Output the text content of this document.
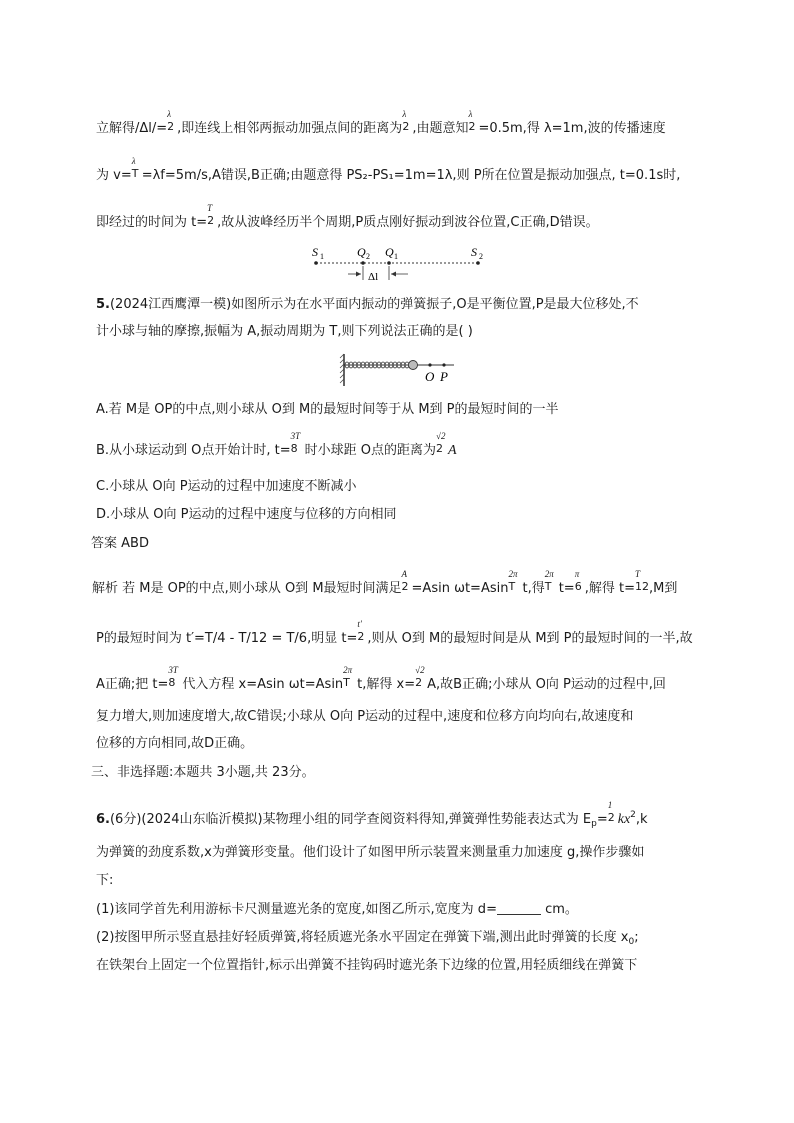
立解得/Δl/=
λ
2 ,即连线上相邻两振动加强点间的距离为
λ
2 ,由题意知
λ
2 =0.5m,得 λ=1m,波的传播速度
为 v=
λ
T =λf=5m/s,A错误,B正确;由题意得 PS₂-PS₁=1m=1λ,则 P所在位置是振动加强点, t=0.1s时,
即经过的时间为 t=
T
2 ,故从波峰经历半个周期,P质点刚好振动到波谷位置,C正确,D错误。
S 1	Q 2 Q 1	S 2
Δl
5.(2024江西鹰潭一模)如图所示为在水平面内振动的弹簧振子,O是平衡位置,P是最大位移处,不
计小球与轴的摩擦,振幅为 A,振动周期为 T,则下列说法正确的是( )
O P
A.若 M是 OP的中点,则小球从 O到 M的最短时间等于从 M到 P的最短时间的一半
B.从小球运动到 O点开始计时, t=
3T
8 时小球距 O点的距离为
√2
2 A
C.小球从 O向 P运动的过程中加速度不断减小
D.小球从 O向 P运动的过程中速度与位移的方向相同
答案 ABD
解析 若 M是 OP的中点,则小球从 O到 M最短时间满足
A
2 =Asin ωt=Asin
2π
T t,得
2π
T t=
π
6 ,解得 t=
T
12 ,M到
P的最短时间为 t′=T/4 - T/12 = T/6,明显 t=
t′
2 ,则从 O到 M的最短时间是从 M到 P的最短时间的一半,故
A正确;把 t=
3T
8 代入方程 x=Asin ωt=Asin
2π
T t,解得 x=
√2
2 A,故B正确;小球从 O向 P运动的过程中,回
复力增大,则加速度增大,故C错误;小球从 O向 P运动的过程中,速度和位移方向均向右,故速度和
位移的方向相同,故D正确。
三、非选择题:本题共 3小题,共 23分。
6.(6分)(2024山东临沂模拟)某物理小组的同学查阅资料得知,弹簧弹性势能表达式为 $E_p=$
1
2 $kx^2,k$
为弹簧的劲度系数,x为弹簧形变量。他们设计了如图甲所示装置来测量重力加速度 g,操作步骤如
下:
(1)该同学首先利用游标卡尺测量遮光条的宽度,如图乙所示,宽度为 d=	cm。
(2)按图甲所示竖直悬挂好轻质弹簧,将轻质遮光条水平固定在弹簧下端,测出此时弹簧的长度 $x_0$;
在铁架台上固定一个位置指针,标示出弹簧不挂钩码时遮光条下边缘的位置,用轻质细线在弹簧下
